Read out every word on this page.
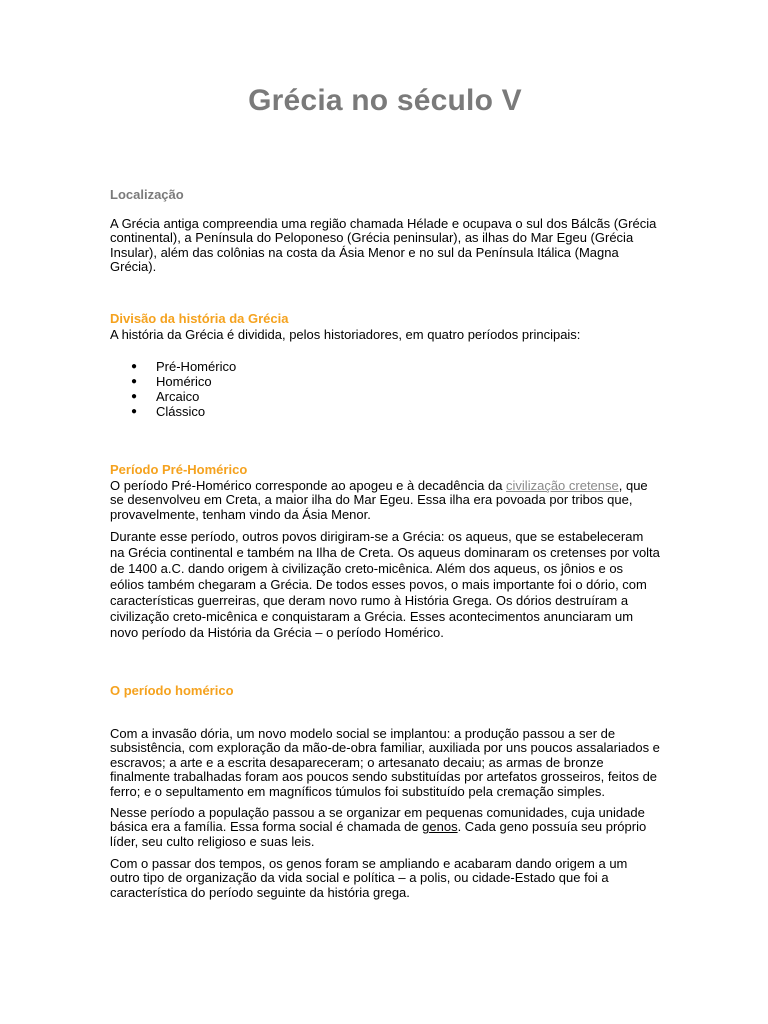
Grécia no século V
Localização

A Grécia antiga compreendia uma região chamada Hélade e ocupava o sul dos Bálcãs (Grécia continental), a Península do Peloponeso (Grécia peninsular), as ilhas do Mar Egeu (Grécia Insular), além das colônias na costa da Ásia Menor e no sul da Península Itálica (Magna Grécia).

Divisão da história da Grécia

A história da Grécia é dividida, pelos historiadores, em quatro períodos principais:

● Pré-Homérico
● Homérico
● Arcaico
● Clássico
Período Pré-Homérico

O período Pré-Homérico corresponde ao apogeu e à decadência da civilização cretense, que se desenvolveu em Creta, a maior ilha do Mar Egeu. Essa ilha era povoada por tribos que, provavelmente, tenham vindo da Ásia Menor.

Durante esse período, outros povos dirigiram-se a Grécia: os aqueus, que se estabeleceram na Grécia continental e também na Ilha de Creta. Os aqueus dominaram os cretenses por volta de 1400 a.C. dando origem à civilização creto-micênica. Além dos aqueus, os jônios e os eólios também chegaram a Grécia. De todos esses povos, o mais importante foi o dório, com características guerreiras, que deram novo rumo à História Grega. Os dórios destruíram a civilização creto-micênica e conquistaram a Grécia. Esses acontecimentos anunciaram um novo período da História da Grécia – o período Homérico.

O período homérico

Com a invasão dória, um novo modelo social se implantou: a produção passou a ser de subsistência, com exploração da mão-de-obra familiar, auxiliada por uns poucos assalariados e escravos; a arte e a escrita desapareceram; o artesanato decaiu; as armas de bronze finalmente trabalhadas foram aos poucos sendo substituídas por artefatos grosseiros, feitos de ferro; e o sepultamento em magníficos túmulos foi substituído pela cremação simples.

Nesse período a população passou a se organizar em pequenas comunidades, cuja unidade básica era a família. Essa forma social é chamada de genos. Cada geno possuía seu próprio líder, seu culto religioso e suas leis.

Com o passar dos tempos, os genos foram se ampliando e acabaram dando origem a um outro tipo de organização da vida social e política – a polis, ou cidade-Estado que foi a característica do período seguinte da história grega.
